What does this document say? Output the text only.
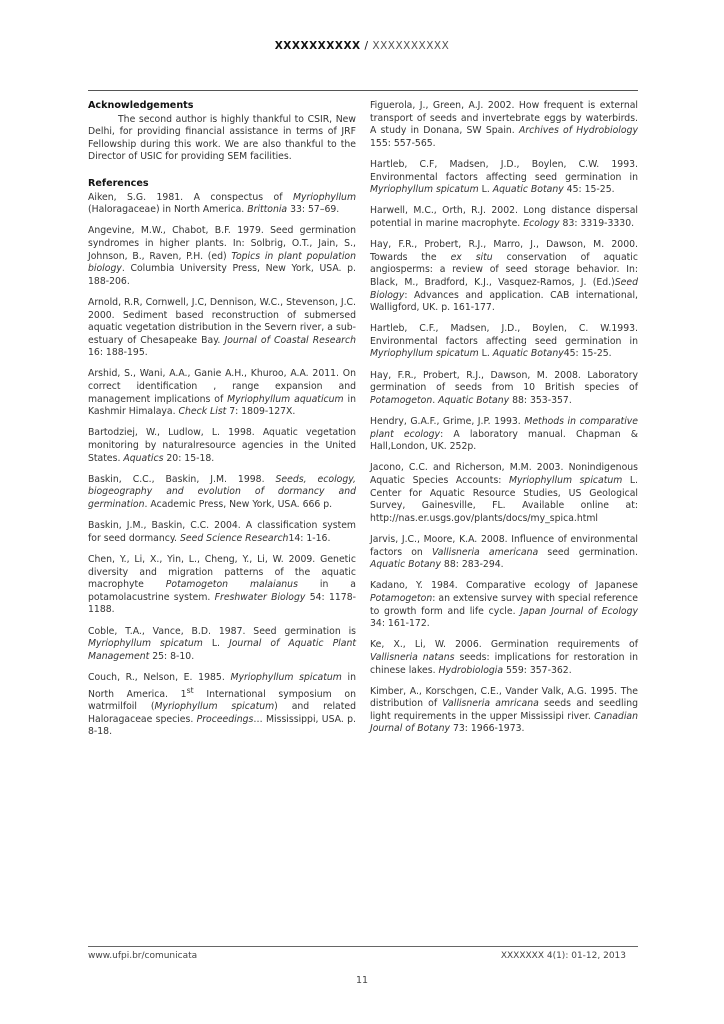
XXXXXXXXXX / XXXXXXXXXX
Acknowledgements

The second author is highly thankful to CSIR, New Delhi, for providing financial assistance in terms of JRF Fellowship during this work. We are also thankful to the Director of USIC for providing SEM facilities.

References

Aiken, S.G. 1981. A conspectus of Myriophyllum (Haloragaceae) in North America. Brittonia 33: 57–69.

Angevine, M.W., Chabot, B.F. 1979. Seed germination syndromes in higher plants. In: Solbrig, O.T., Jain, S., Johnson, B., Raven, P.H. (ed) Topics in plant population biology. Columbia University Press, New York, USA. p. 188-206.

Arnold, R.R, Cornwell, J.C, Dennison, W.C., Stevenson, J.C. 2000. Sediment based reconstruction of submersed aquatic vegetation distribution in the Severn river, a sub-estuary of Chesapeake Bay. Journal of Coastal Research 16: 188-195.

Arshid, S., Wani, A.A., Ganie A.H., Khuroo, A.A. 2011. On correct identification , range expansion and management implications of Myriophyllum aquaticum in Kashmir Himalaya. Check List 7: 1809-127X.

Bartodziej, W., Ludlow, L. 1998. Aquatic vegetation monitoring by naturalresource agencies in the United States. Aquatics 20: 15-18.

Baskin, C.C., Baskin, J.M. 1998. Seeds, ecology, biogeography and evolution of dormancy and germination. Academic Press, New York, USA. 666 p.

Baskin, J.M., Baskin, C.C. 2004. A classification system for seed dormancy. Seed Science Research14: 1-16.

Chen, Y., Li, X., Yin, L., Cheng, Y., Li, W. 2009. Genetic diversity and migration patterns of the aquatic macrophyte Potamogeton malaianus in a potamolacustrine system. Freshwater Biology 54: 1178-1188.

Coble, T.A., Vance, B.D. 1987. Seed germination is Myriophyllum spicatum L. Journal of Aquatic Plant Management 25: 8-10.

Couch, R., Nelson, E. 1985. Myriophyllum spicatum in North America. 1st International symposium on watrmilfoil (Myriophyllum spicatum) and related Haloragaceae species. Proceedings… Mississippi, USA. p. 8-18.

Figuerola, J., Green, A.J. 2002. How frequent is external transport of seeds and invertebrate eggs by waterbirds. A study in Donana, SW Spain. Archives of Hydrobiology 155: 557-565.

Hartleb, C.F, Madsen, J.D., Boylen, C.W. 1993. Environmental factors affecting seed germination in Myriophyllum spicatum L. Aquatic Botany 45: 15-25.

Harwell, M.C., Orth, R.J. 2002. Long distance dispersal potential in marine macrophyte. Ecology 83: 3319-3330.

Hay, F.R., Probert, R.J., Marro, J., Dawson, M. 2000. Towards the ex situ conservation of aquatic angiosperms: a review of seed storage behavior. In: Black, M., Bradford, K.J., Vasquez-Ramos, J. (Ed.)Seed Biology: Advances and application. CAB international, Walligford, UK. p. 161-177.

Hartleb, C.F., Madsen, J.D., Boylen, C. W.1993. Environmental factors affecting seed germination in Myriophyllum spicatum L. Aquatic Botany45: 15-25.

Hay, F.R., Probert, R.J., Dawson, M. 2008. Laboratory germination of seeds from 10 British species of Potamogeton. Aquatic Botany 88: 353-357.

Hendry, G.A.F., Grime, J.P. 1993. Methods in comparative plant ecology: A laboratory manual. Chapman & Hall,London, UK. 252p.

Jacono, C.C. and Richerson, M.M. 2003. Nonindigenous Aquatic Species Accounts: Myriophyllum spicatum L. Center for Aquatic Resource Studies, US Geological Survey, Gainesville, FL. Available online at: http://nas.er.usgs.gov/plants/docs/my_spica.html

Jarvis, J.C., Moore, K.A. 2008. Influence of environmental factors on Vallisneria americana seed germination. Aquatic Botany 88: 283-294.

Kadano, Y. 1984. Comparative ecology of Japanese Potamogeton: an extensive survey with special reference to growth form and life cycle. Japan Journal of Ecology 34: 161-172.

Ke, X., Li, W. 2006. Germination requirements of Vallisneria natans seeds: implications for restoration in chinese lakes. Hydrobiologia 559: 357-362.

Kimber, A., Korschgen, C.E., Vander Valk, A.G. 1995. The distribution of Vallisneria amricana seeds and seedling light requirements in the upper Mississipi river. Canadian Journal of Botany 73: 1966-1973.

www.ufpi.br/comunicata	XXXXXXX 4(1): 01-12, 2013
11
